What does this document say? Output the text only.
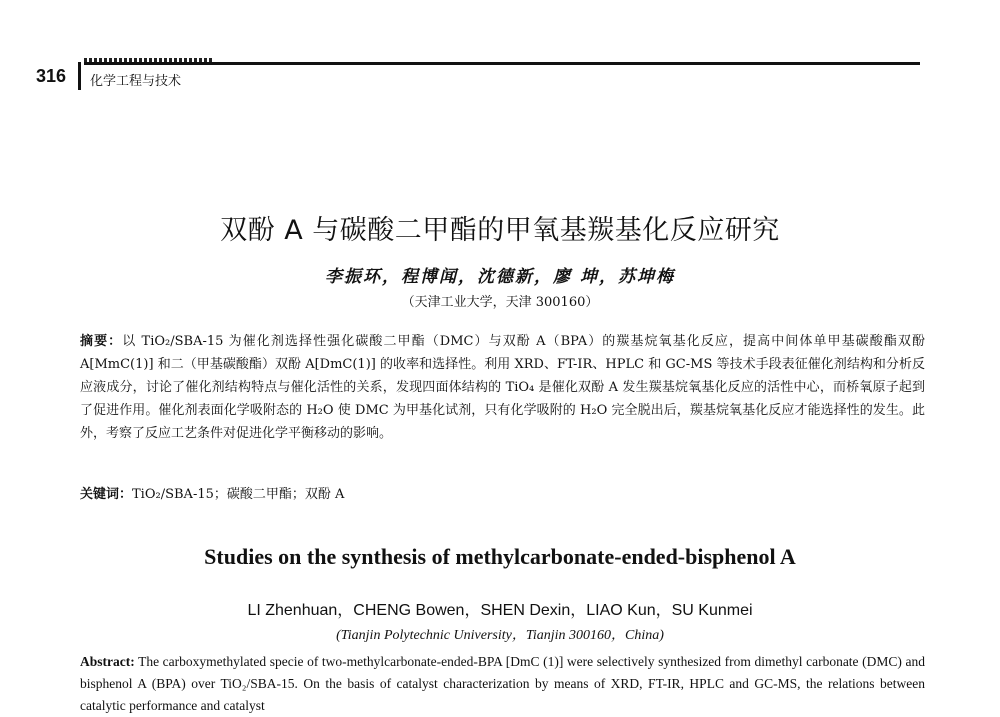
316 化学工程与技术
双酚 A 与碳酸二甲酯的甲氧基羰基化反应研究
李振环，程博闻，沈德新，廖 坤，苏坤梅
（天津工业大学，天津 300160）
摘要：以 TiO₂/SBA-15 为催化剂选择性强化碳酸二甲酯（DMC）与双酚 A（BPA）的羰基烷氧基化反应，提高中间体单甲基碳酸酯双酚 A[MmC(1)] 和二（甲基碳酸酯）双酚 A[DmC(1)] 的收率和选择性。利用 XRD、FT-IR、HPLC 和 GC-MS 等技术手段表征催化剂结构和分析反应液成分，讨论了催化剂结构特点与催化活性的关系，发现四面体结构的 TiO₄ 是催化双酚 A 发生羰基烷氧基化反应的活性中心，而桥氧原子起到了促进作用。催化剂表面化学吸附态的 H₂O 使 DMC 为甲基化试剂，只有化学吸附的 H₂O 完全脱出后，羰基烷氧基化反应才能选择性的发生。此外，考察了反应工艺条件对促进化学平衡移动的影响。
关键词：TiO₂/SBA-15；碳酸二甲酯；双酚 A
Studies on the synthesis of methylcarbonate-ended-bisphenol A
LI Zhenhuan，CHENG Bowen，SHEN Dexin，LIAO Kun，SU Kunmei
(Tianjin Polytechnic University，Tianjin 300160，China)
Abstract: The carboxymethylated specie of two-methylcarbonate-ended-BPA [DmC (1)] were selectively synthesized from dimethyl carbonate (DMC) and bisphenol A (BPA) over TiO₂/SBA-15. On the basis of catalyst characterization by means of XRD, FT-IR, HPLC and GC-MS, the relations between catalytic performance and catalyst
